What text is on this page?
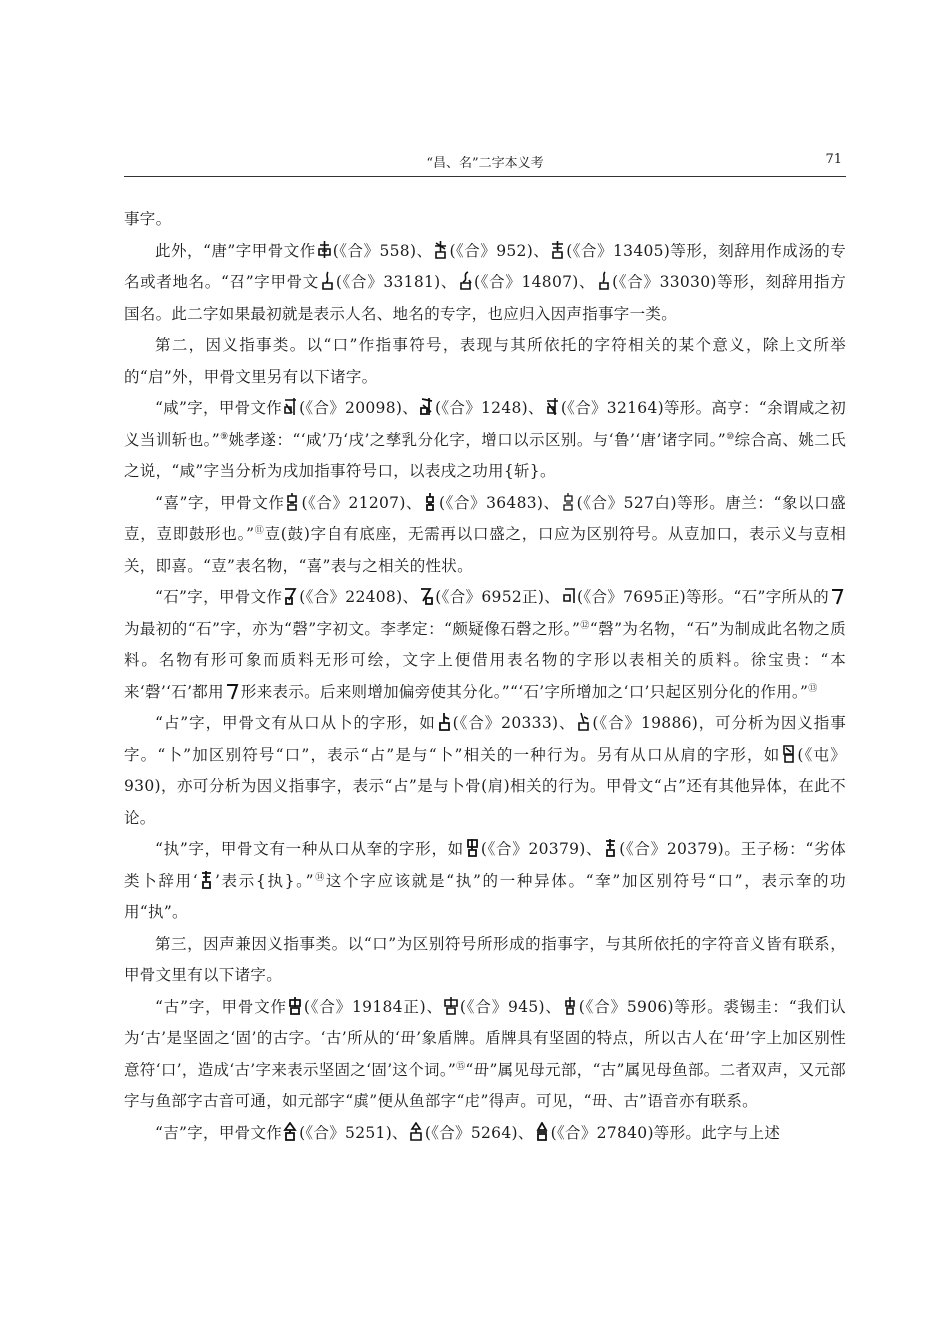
“昌、名”二字本义考	71

事字。

此外，“唐”字甲骨文作 (《合》558)、 (《合》952)、 (《合》13405)等形，刻辞用作成汤的专名或者地名。“召”字甲骨文 (《合》33181)、 (《合》14807)、 (《合》33030)等形，刻辞用指方国名。此二字如果最初就是表示人名、地名的专字，也应归入因声指事字一类。

第二，因义指事类。以“口”作指事符号，表现与其所依托的字符相关的某个意义，除上文所举的“启”外，甲骨文里另有以下诸字。

“咸”字，甲骨文作 (《合》20098)、 (《合》1248)、 (《合》32164)等形。高亨：“余谓咸之初义当训斩也。”⑨姚孝遂：“‘咸’乃‘戌’之孳乳分化字，增口以示区别。与‘鲁’‘唐’诸字同。”⑩综合高、姚二氏之说，“咸”字当分析为戌加指事符号口，以表戌之功用{斩}。

“喜”字，甲骨文作 (《合》21207)、 (《合》36483)、 (《合》527白)等形。唐兰：“象以口盛壴，壴即鼓形也。”⑪壴(鼓)字自有底座，无需再以口盛之，口应为区别符号。从壴加口，表示义与壴相关，即喜。“壴”表名物，“喜”表与之相关的性状。

“石”字，甲骨文作 (《合》22408)、 (《合》6952正)、 (《合》7695正)等形。“石”字所从的
为最初的“石”字，亦为“磬”字初文。李孝定：“颇疑像石磬之形。”⑫“磬”为名物，“石”为制成此名物之质料。名物有形可象而质料无形可绘，文字上便借用表名物的字形以表相关的质料。徐宝贵：“本来‘磬’‘石’都用 形来表示。后来则增加偏旁使其分化。”“‘石’字所增加之‘口’只起区别分化的作用。”⑬

“占”字，甲骨文有从口从卜的字形，如 (《合》20333)、 (《合》19886)，可分析为因义指事字。“卜”加区别符号“口”，表示“占”是与“卜”相关的一种行为。另有从口从肩的字形，如 (《屯》930)，亦可分析为因义指事字，表示“占”是与卜骨(肩)相关的行为。甲骨文“占”还有其他异体，在此不论。

“执”字，甲骨文有一种从口从羍的字形，如 (《合》20379)、 (《合》20379)。王子杨：“劣体类卜辞用‘ ’表示{执}。”⑭这个字应该就是“执”的一种异体。“羍”加区别符号“口”，表示羍的功用“执”。

第三，因声兼因义指事类。以“口”为区别符号所形成的指事字，与其所依托的字符音义皆有联系，甲骨文里有以下诸字。

“古”字，甲骨文作 (《合》19184正)、 (《合》945)、 (《合》5906)等形。裘锡圭：“我们认为‘古’是坚固之‘固’的古字。‘古’所从的‘毌’象盾牌。盾牌具有坚固的特点，所以古人在‘毌’字上加区别性意符‘口’，造成‘古’字来表示坚固之‘固’这个词。”⑮“毌”属见母元部，“古”属见母鱼部。二者双声，又元部字与鱼部字古音可通，如元部字“虡”便从鱼部字“虍”得声。可见，“毌、古”语音亦有联系。

“吉”字，甲骨文作 (《合》5251)、 (《合》5264)、 (《合》27840)等形。此字与上述
